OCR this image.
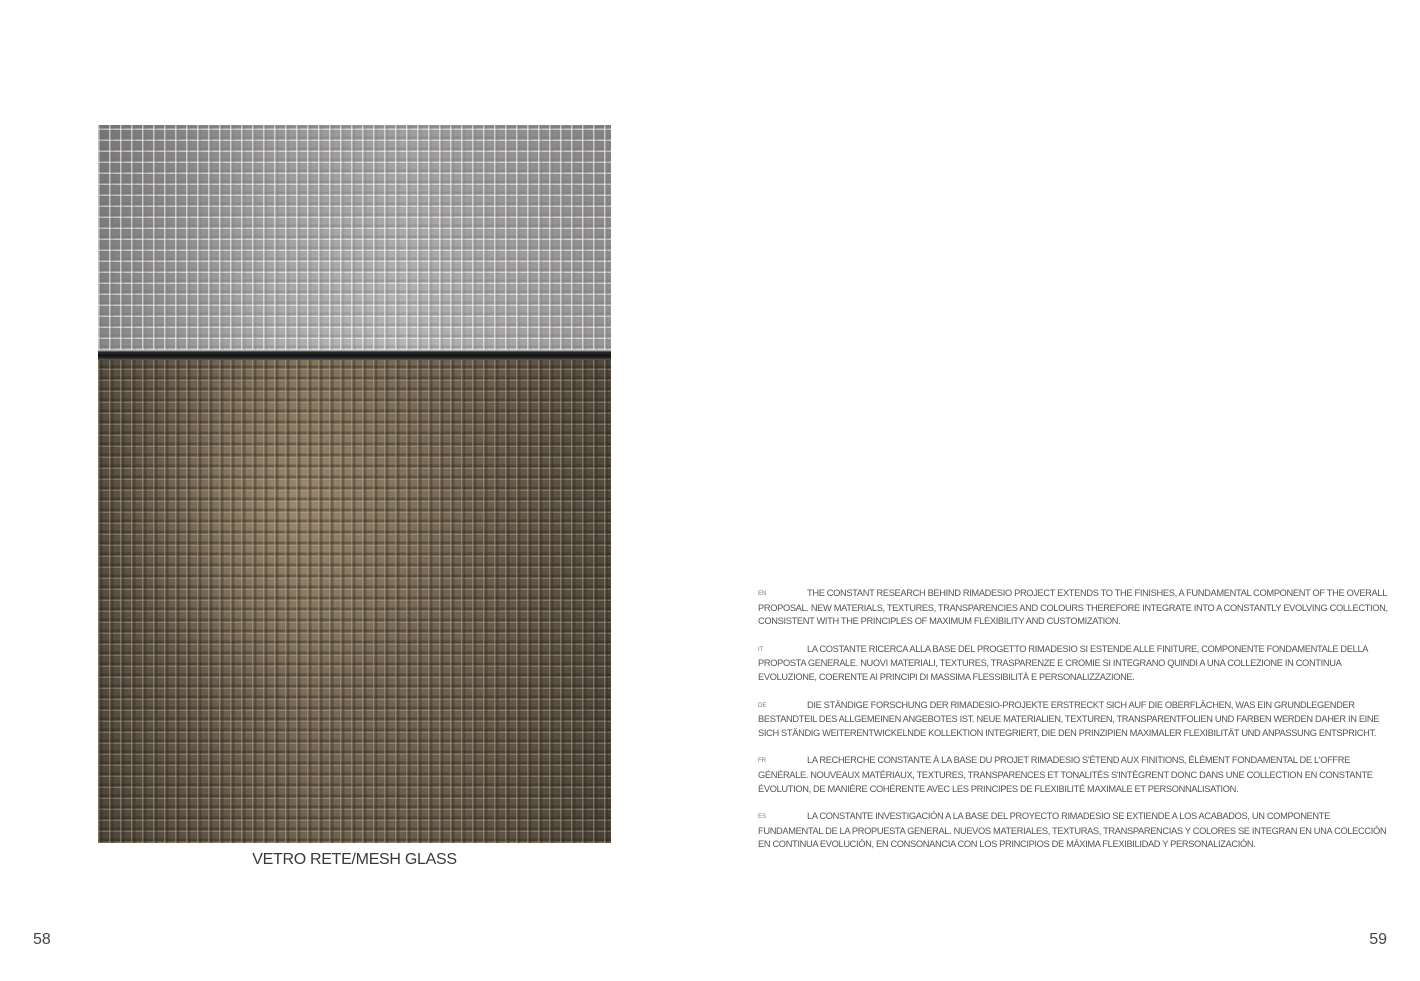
VETRO RETE/MESH GLASS
58

EN	THE CONSTANT RESEARCH BEHIND RIMADESIO PROJECT EXTENDS TO THE FINISHES, A FUNDAMENTAL COMPONENT OF THE OVERALL PROPOSAL. NEW MATERIALS, TEXTURES, TRANSPARENCIES AND COLOURS THEREFORE INTEGRATE INTO A CONSTANTLY EVOLVING COLLECTION, CONSISTENT WITH THE PRINCIPLES OF MAXIMUM FLEXIBILITY AND CUSTOMIZATION.

IT	LA COSTANTE RICERCA ALLA BASE DEL PROGETTO RIMADESIO SI ESTENDE ALLE FINITURE, COMPONENTE FONDAMENTALE DELLA PROPOSTA GENERALE. NUOVI MATERIALI, TEXTURES, TRASPARENZE E CROMIE SI INTEGRANO QUINDI A UNA COLLEZIONE IN CONTINUA EVOLUZIONE, COERENTE AI PRINCIPI DI MASSIMA FLESSIBILITÀ E PERSONALIZZAZIONE.

DE	DIE STÄNDIGE FORSCHUNG DER RIMADESIO-PROJEKTE ERSTRECKT SICH AUF DIE OBERFLÄCHEN, WAS EIN GRUNDLEGENDER BESTANDTEIL DES ALLGEMEINEN ANGEBOTES IST. NEUE MATERIALIEN, TEXTUREN, TRANSPARENTFOLIEN UND FARBEN WERDEN DAHER IN EINE SICH STÄNDIG WEITERENTWICKELNDE KOLLEKTION INTEGRIERT, DIE DEN PRINZIPIEN MAXIMALER FLEXIBILITÄT UND ANPASSUNG ENTSPRICHT.

FR	LA RECHERCHE CONSTANTE À LA BASE DU PROJET RIMADESIO S'ÉTEND AUX FINITIONS, ÉLÉMENT FONDAMENTAL DE L'OFFRE GÉNÉRALE. NOUVEAUX MATÉRIAUX, TEXTURES, TRANSPARENCES ET TONALITÉS S'INTÈGRENT DONC DANS UNE COLLECTION EN CONSTANTE ÉVOLUTION, DE MANIÈRE COHÉRENTE AVEC LES PRINCIPES DE FLEXIBILITÉ MAXIMALE ET PERSONNALISATION.

ES	LA CONSTANTE INVESTIGACIÓN A LA BASE DEL PROYECTO RIMADESIO SE EXTIENDE A LOS ACABADOS, UN COMPONENTE FUNDAMENTAL DE LA PROPUESTA GENERAL. NUEVOS MATERIALES, TEXTURAS, TRANSPARENCIAS Y COLORES SE INTEGRAN EN UNA COLECCIÓN EN CONTINUA EVOLUCIÓN, EN CONSONANCIA CON LOS PRINCIPIOS DE MÁXIMA FLEXIBILIDAD Y PERSONALIZACIÓN.

59
